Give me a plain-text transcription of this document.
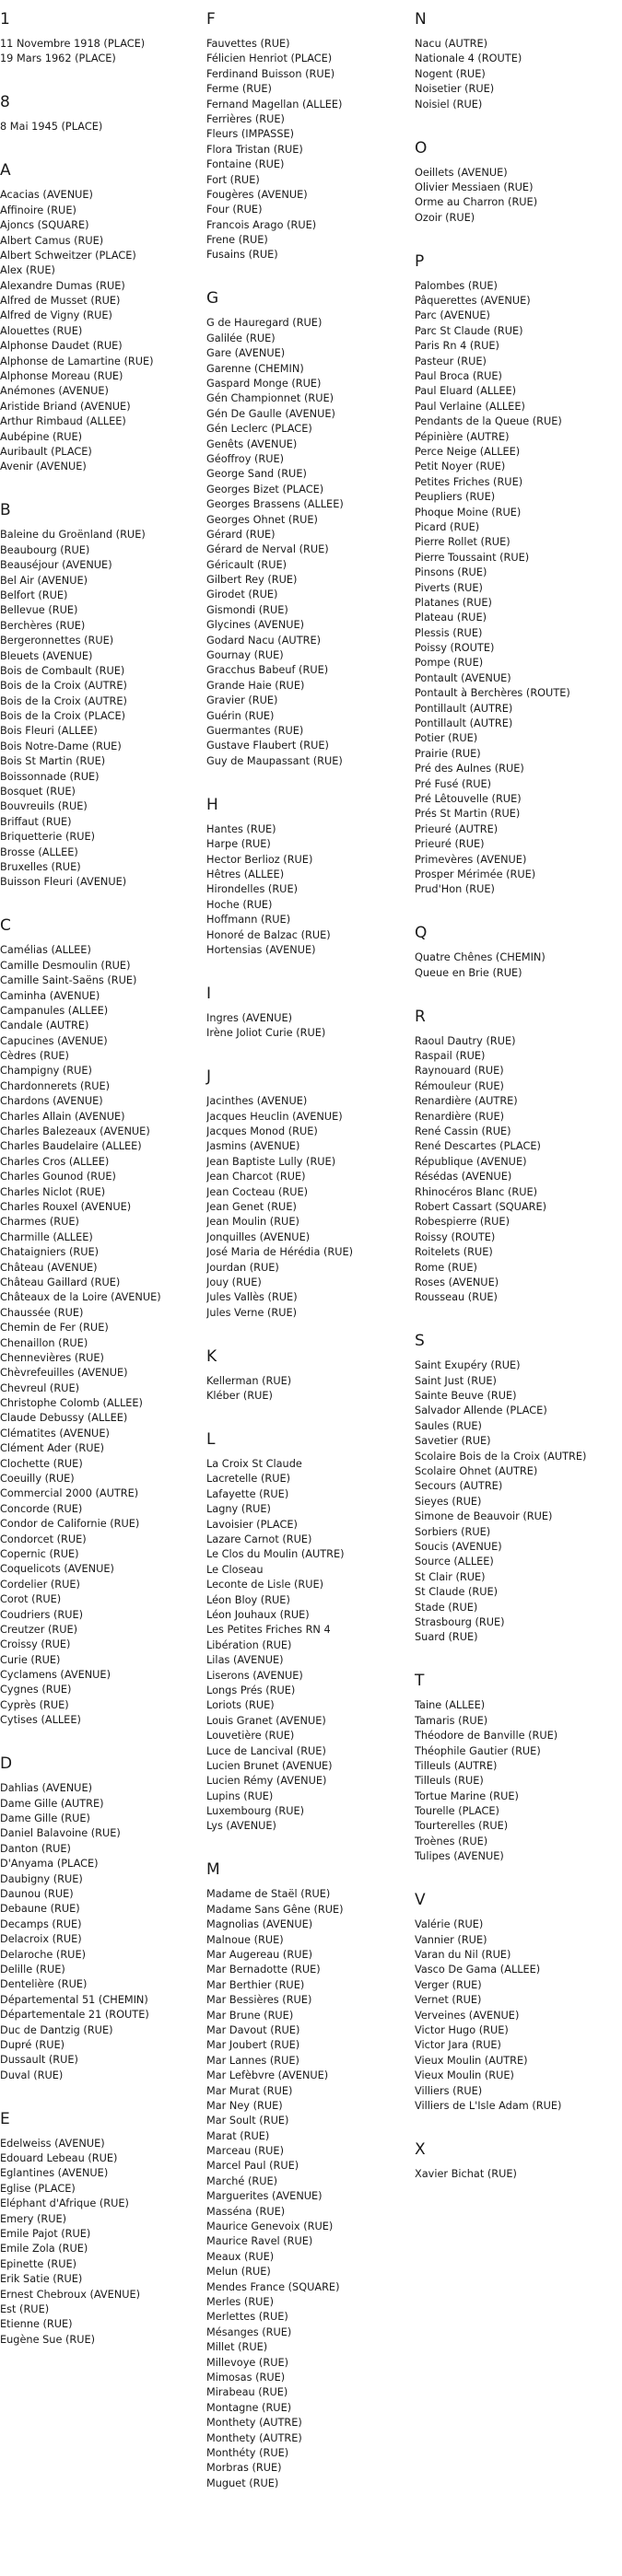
1
11 Novembre 1918 (PLACE)
19 Mars 1962 (PLACE)
8
8 Mai 1945 (PLACE)
A
Acacias (AVENUE)
Affinoire (RUE)
Ajoncs (SQUARE)
Albert Camus (RUE)
Albert Schweitzer (PLACE)
Alex (RUE)
Alexandre Dumas (RUE)
Alfred de Musset (RUE)
Alfred de Vigny (RUE)
Alouettes (RUE)
Alphonse Daudet (RUE)
Alphonse de Lamartine (RUE)
Alphonse Moreau (RUE)
Anémones (AVENUE)
Aristide Briand (AVENUE)
Arthur Rimbaud (ALLEE)
Aubépine (RUE)
Auribault (PLACE)
Avenir (AVENUE)
B
Baleine du Groënland (RUE)
Beaubourg (RUE)
Beauséjour (AVENUE)
Bel Air (AVENUE)
Belfort (RUE)
Bellevue (RUE)
Berchères (RUE)
Bergeronnettes (RUE)
Bleuets (AVENUE)
Bois de Combault (RUE)
Bois de la Croix (AUTRE)
Bois de la Croix (AUTRE)
Bois de la Croix (PLACE)
Bois Fleuri (ALLEE)
Bois Notre-Dame (RUE)
Bois St Martin (RUE)
Boissonnade (RUE)
Bosquet (RUE)
Bouvreuils (RUE)
Briffaut (RUE)
Briquetterie (RUE)
Brosse (ALLEE)
Bruxelles (RUE)
Buisson Fleuri (AVENUE)
C
Camélias (ALLEE)
Camille Desmoulin (RUE)
Camille Saint-Saëns (RUE)
Caminha (AVENUE)
Campanules (ALLEE)
Candale (AUTRE)
Capucines (AVENUE)
Cèdres (RUE)
Champigny (RUE)
Chardonnerets (RUE)
Chardons (AVENUE)
Charles Allain (AVENUE)
Charles Balezeaux (AVENUE)
Charles Baudelaire (ALLEE)
Charles Cros (ALLEE)
Charles Gounod (RUE)
Charles Niclot (RUE)
Charles Rouxel (AVENUE)
Charmes (RUE)
Charmille (ALLEE)
Chataigniers (RUE)
Château (AVENUE)
Château Gaillard (RUE)
Châteaux de la Loire (AVENUE)
Chaussée (RUE)
Chemin de Fer (RUE)
Chenaillon (RUE)
Chennevières (RUE)
Chèvrefeuilles (AVENUE)
Chevreul (RUE)
Christophe Colomb (ALLEE)
Claude Debussy (ALLEE)
Clématites (AVENUE)
Clément Ader (RUE)
Clochette (RUE)
Coeuilly (RUE)
Commercial 2000 (AUTRE)
Concorde (RUE)
Condor de Californie (RUE)
Condorcet (RUE)
Copernic (RUE)
Coquelicots (AVENUE)
Cordelier (RUE)
Corot (RUE)
Coudriers (RUE)
Creutzer (RUE)
Croissy (RUE)
Curie (RUE)
Cyclamens (AVENUE)
Cygnes (RUE)
Cyprès (RUE)
Cytises (ALLEE)
D
Dahlias (AVENUE)
Dame Gille (AUTRE)
Dame Gille (RUE)
Daniel Balavoine (RUE)
Danton (RUE)
D'Anyama (PLACE)
Daubigny (RUE)
Daunou (RUE)
Debaune (RUE)
Decamps (RUE)
Delacroix (RUE)
Delaroche (RUE)
Delille (RUE)
Dentelière (RUE)
Départemental 51 (CHEMIN)
Départementale 21 (ROUTE)
Duc de Dantzig (RUE)
Dupré (RUE)
Dussault (RUE)
Duval (RUE)
E
Edelweiss (AVENUE)
Edouard Lebeau (RUE)
Eglantines (AVENUE)
Eglise (PLACE)
Eléphant d'Afrique (RUE)
Emery (RUE)
Emile Pajot (RUE)
Emile Zola (RUE)
Epinette (RUE)
Erik Satie (RUE)
Ernest Chebroux (AVENUE)
Est (RUE)
Etienne (RUE)
Eugène Sue (RUE)
F
Fauvettes (RUE)
Félicien Henriot (PLACE)
Ferdinand Buisson (RUE)
Ferme (RUE)
Fernand Magellan (ALLEE)
Ferrières (RUE)
Fleurs (IMPASSE)
Flora Tristan (RUE)
Fontaine (RUE)
Fort (RUE)
Fougères (AVENUE)
Four (RUE)
Francois Arago (RUE)
Frene (RUE)
Fusains (RUE)
G
G de Hauregard (RUE)
Galilée (RUE)
Gare (AVENUE)
Garenne (CHEMIN)
Gaspard Monge (RUE)
Gén Championnet (RUE)
Gén De Gaulle (AVENUE)
Gén Leclerc (PLACE)
Genêts (AVENUE)
Géoffroy (RUE)
George Sand (RUE)
Georges Bizet (PLACE)
Georges Brassens (ALLEE)
Georges Ohnet (RUE)
Gérard (RUE)
Gérard de Nerval (RUE)
Géricault (RUE)
Gilbert Rey (RUE)
Girodet (RUE)
Gismondi (RUE)
Glycines (AVENUE)
Godard Nacu (AUTRE)
Gournay (RUE)
Gracchus Babeuf (RUE)
Grande Haie (RUE)
Gravier (RUE)
Guérin (RUE)
Guermantes (RUE)
Gustave Flaubert (RUE)
Guy de Maupassant (RUE)
H
Hantes (RUE)
Harpe (RUE)
Hector Berlioz (RUE)
Hêtres (ALLEE)
Hirondelles (RUE)
Hoche (RUE)
Hoffmann (RUE)
Honoré de Balzac (RUE)
Hortensias (AVENUE)
I
Ingres (AVENUE)
Irène Joliot Curie (RUE)
J
Jacinthes (AVENUE)
Jacques Heuclin (AVENUE)
Jacques Monod (RUE)
Jasmins (AVENUE)
Jean Baptiste Lully (RUE)
Jean Charcot (RUE)
Jean Cocteau (RUE)
Jean Genet (RUE)
Jean Moulin (RUE)
Jonquilles (AVENUE)
José Maria de Hérédia (RUE)
Jourdan (RUE)
Jouy (RUE)
Jules Vallès (RUE)
Jules Verne (RUE)
K
Kellerman (RUE)
Kléber (RUE)
L
La Croix St Claude
Lacretelle (RUE)
Lafayette (RUE)
Lagny (RUE)
Lavoisier (PLACE)
Lazare Carnot (RUE)
Le Clos du Moulin (AUTRE)
Le Closeau
Leconte de Lisle (RUE)
Léon Bloy (RUE)
Léon Jouhaux (RUE)
Les Petites Friches RN 4
Libération (RUE)
Lilas (AVENUE)
Liserons (AVENUE)
Longs Prés (RUE)
Loriots (RUE)
Louis Granet (AVENUE)
Louvetière (RUE)
Luce de Lancival (RUE)
Lucien Brunet (AVENUE)
Lucien Rémy (AVENUE)
Lupins (RUE)
Luxembourg (RUE)
Lys (AVENUE)
M
Madame de Staël (RUE)
Madame Sans Gêne (RUE)
Magnolias (AVENUE)
Malnoue (RUE)
Mar Augereau (RUE)
Mar Bernadotte (RUE)
Mar Berthier (RUE)
Mar Bessières (RUE)
Mar Brune (RUE)
Mar Davout (RUE)
Mar Joubert (RUE)
Mar Lannes (RUE)
Mar Lefèbvre (AVENUE)
Mar Murat (RUE)
Mar Ney (RUE)
Mar Soult (RUE)
Marat (RUE)
Marceau (RUE)
Marcel Paul (RUE)
Marché (RUE)
Marguerites (AVENUE)
Masséna (RUE)
Maurice Genevoix (RUE)
Maurice Ravel (RUE)
Meaux (RUE)
Melun (RUE)
Mendes France (SQUARE)
Merles (RUE)
Merlettes (RUE)
Mésanges (RUE)
Millet (RUE)
Millevoye (RUE)
Mimosas (RUE)
Mirabeau (RUE)
Montagne (RUE)
Monthety (AUTRE)
Monthety (AUTRE)
Monthéty (RUE)
Morbras (RUE)
Muguet (RUE)
N
Nacu (AUTRE)
Nationale 4 (ROUTE)
Nogent (RUE)
Noisetier (RUE)
Noisiel (RUE)
O
Oeillets (AVENUE)
Olivier Messiaen (RUE)
Orme au Charron (RUE)
Ozoir (RUE)
P
Palombes (RUE)
Pâquerettes (AVENUE)
Parc (AVENUE)
Parc St Claude (RUE)
Paris Rn 4 (RUE)
Pasteur (RUE)
Paul Broca (RUE)
Paul Eluard (ALLEE)
Paul Verlaine (ALLEE)
Pendants de la Queue (RUE)
Pépinière (AUTRE)
Perce Neige (ALLEE)
Petit Noyer (RUE)
Petites Friches (RUE)
Peupliers (RUE)
Phoque Moine (RUE)
Picard (RUE)
Pierre Rollet (RUE)
Pierre Toussaint (RUE)
Pinsons (RUE)
Piverts (RUE)
Platanes (RUE)
Plateau (RUE)
Plessis (RUE)
Poissy (ROUTE)
Pompe (RUE)
Pontault (AVENUE)
Pontault à Berchères (ROUTE)
Pontillault (AUTRE)
Pontillault (AUTRE)
Potier (RUE)
Prairie (RUE)
Pré des Aulnes (RUE)
Pré Fusé (RUE)
Pré Lêtouvelle (RUE)
Prés St Martin (RUE)
Prieuré (AUTRE)
Prieuré (RUE)
Primevères (AVENUE)
Prosper Mérimée (RUE)
Prud'Hon (RUE)
Q
Quatre Chênes (CHEMIN)
Queue en Brie (RUE)
R
Raoul Dautry (RUE)
Raspail (RUE)
Raynouard (RUE)
Rémouleur (RUE)
Renardière (AUTRE)
Renardière (RUE)
René Cassin (RUE)
René Descartes (PLACE)
République (AVENUE)
Résédas (AVENUE)
Rhinocéros Blanc (RUE)
Robert Cassart (SQUARE)
Robespierre (RUE)
Roissy (ROUTE)
Roitelets (RUE)
Rome (RUE)
Roses (AVENUE)
Rousseau (RUE)
S
Saint Exupéry (RUE)
Saint Just (RUE)
Sainte Beuve (RUE)
Salvador Allende (PLACE)
Saules (RUE)
Savetier (RUE)
Scolaire Bois de la Croix (AUTRE)
Scolaire Ohnet (AUTRE)
Secours (AUTRE)
Sieyes (RUE)
Simone de Beauvoir (RUE)
Sorbiers (RUE)
Soucis (AVENUE)
Source (ALLEE)
St Clair (RUE)
St Claude (RUE)
Stade (RUE)
Strasbourg (RUE)
Suard (RUE)
T
Taine (ALLEE)
Tamaris (RUE)
Théodore de Banville (RUE)
Théophile Gautier (RUE)
Tilleuls (AUTRE)
Tilleuls (RUE)
Tortue Marine (RUE)
Tourelle (PLACE)
Tourterelles (RUE)
Troènes (RUE)
Tulipes (AVENUE)
V
Valérie (RUE)
Vannier (RUE)
Varan du Nil (RUE)
Vasco De Gama (ALLEE)
Verger (RUE)
Vernet (RUE)
Verveines (AVENUE)
Victor Hugo (RUE)
Victor Jara (RUE)
Vieux Moulin (AUTRE)
Vieux Moulin (RUE)
Villiers (RUE)
Villiers de L'Isle Adam (RUE)
X
Xavier Bichat (RUE)
